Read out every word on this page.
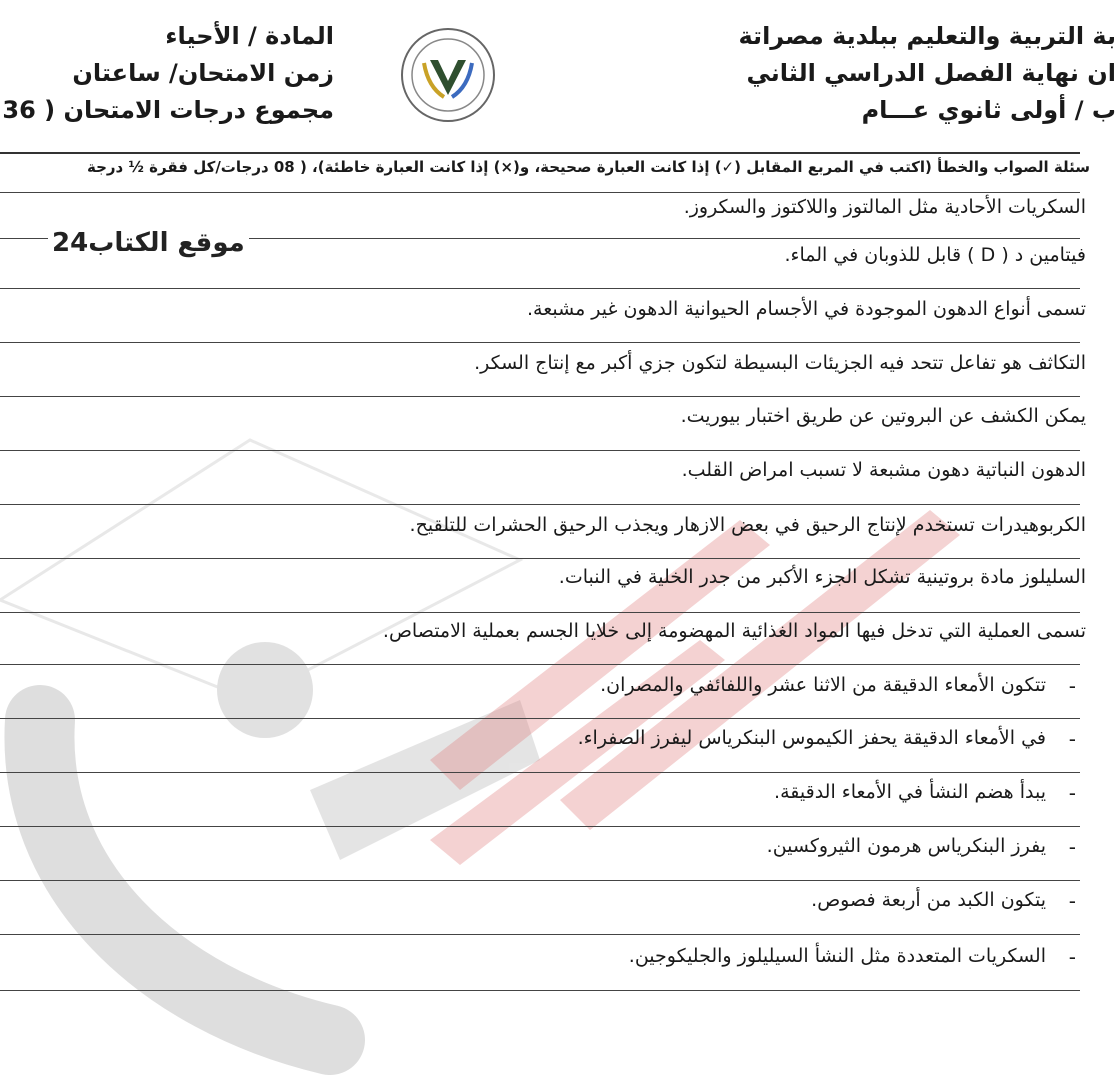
بة التربية والتعليم ببلدية مصراتة
ان نهاية الفصل الدراسي الثاني
ب / أولى ثانوي عـــام
المادة / الأحياء
زمن الامتحان/ ساعتان
مجموع درجات الامتحان ( 36
سئلة الصواب والخطأ (اكتب في المربع المقابل (✓) إذا كانت العبارة صحيحة، و(×) إذا كانت العبارة خاطئة)، ( 08 درجات/كل فقرة ½ درجة
السكريات الأحادية مثل المالتوز واللاكتوز والسكروز.
فيتامين د ( D ) قابل للذوبان في الماء.
تسمى أنواع الدهون الموجودة في الأجسام الحيوانية الدهون غير مشبعة.
التكاثف هو تفاعل تتحد فيه الجزيئات البسيطة لتكون جزي أكبر مع إنتاج السكر.
يمكن الكشف عن البروتين عن طريق اختبار بيوريت.
الدهون النباتية دهون مشبعة لا تسبب امراض القلب.
الكربوهيدرات تستخدم لإنتاج الرحيق في بعض الازهار ويجذب الرحيق الحشرات للتلقيح.
السليلوز مادة بروتينية تشكل الجزء الأكبر من جدر الخلية في النبات.
تسمى العملية التي تدخل فيها المواد الغذائية المهضومة إلى خلايا الجسم بعملية الامتصاص.
-
تتكون الأمعاء الدقيقة من الاثنا عشر واللفائفي والمصران.
-
في الأمعاء الدقيقة يحفز الكيموس البنكرياس ليفرز الصفراء.
-
يبدأ هضم النشأ في الأمعاء الدقيقة.
-
يفرز البنكرياس هرمون الثيروكسين.
-
يتكون الكبد من أربعة فصوص.
-
السكريات المتعددة مثل النشأ السيليلوز والجليكوجين.
موقع الكتاب24
